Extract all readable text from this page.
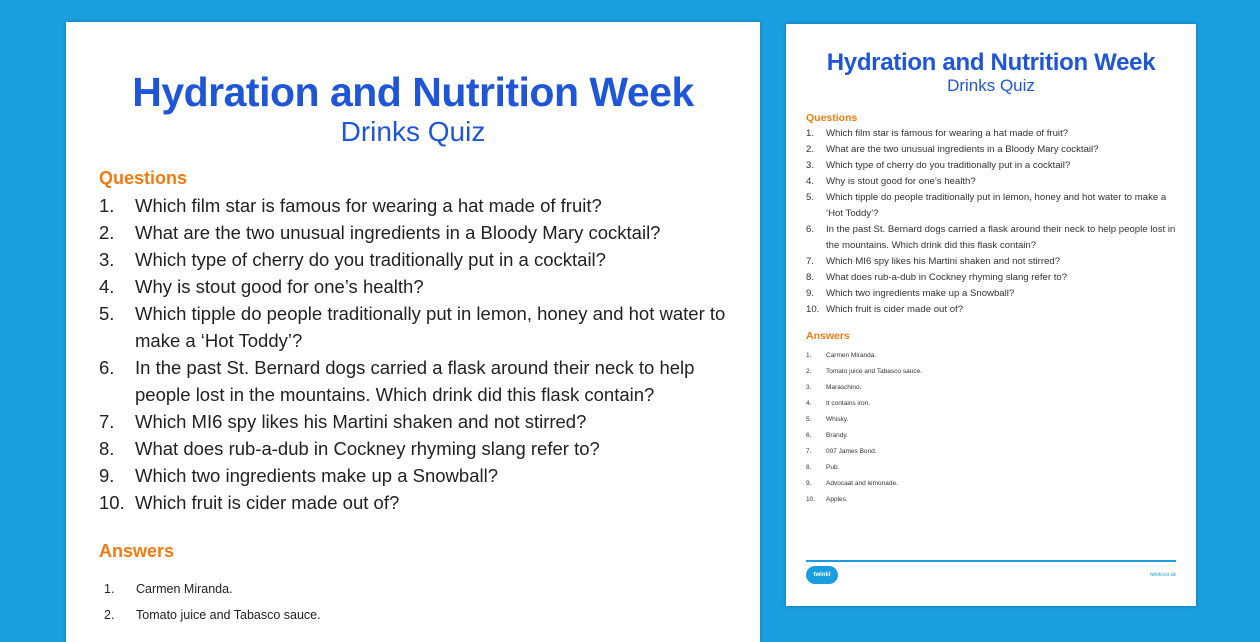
Hydration and Nutrition Week
Drinks Quiz
Questions
1.	Which film star is famous for wearing a hat made of fruit?
2.	What are the two unusual ingredients in a Bloody Mary cocktail?
3.	Which type of cherry do you traditionally put in a cocktail?
4.	Why is stout good for one’s health?
5.	Which tipple do people traditionally put in lemon, honey and hot water to make a ‘Hot Toddy’?
6.	In the past St. Bernard dogs carried a flask around their neck to help people lost in the mountains. Which drink did this flask contain?
7.	Which MI6 spy likes his Martini shaken and not stirred?
8.	What does rub-a-dub in Cockney rhyming slang refer to?
9.	Which two ingredients make up a Snowball?
10. Which fruit is cider made out of?
Answers
1.	Carmen Miranda.
2.	Tomato juice and Tabasco sauce.
Hydration and Nutrition Week
Drinks Quiz
Questions
1.	Which film star is famous for wearing a hat made of fruit?
2.	What are the two unusual ingredients in a Bloody Mary cocktail?
3.	Which type of cherry do you traditionally put in a cocktail?
4.	Why is stout good for one’s health?
5.	Which tipple do people traditionally put in lemon, honey and hot water to make a ‘Hot Toddy’?
6.	In the past St. Bernard dogs carried a flask around their neck to help people lost in the mountains. Which drink did this flask contain?
7.	Which MI6 spy likes his Martini shaken and not stirred?
8.	What does rub-a-dub in Cockney rhyming slang refer to?
9.	Which two ingredients make up a Snowball?
10. Which fruit is cider made out of?
Answers
1.	Carmen Miranda.
2.	Tomato juice and Tabasco sauce.
3.	Maraschino.
4.	It contains iron.
5.	Whisky.
6.	Brandy.
7.	007 James Bond.
8.	Pub.
9.	Advocaat and lemonade.
10.	Apples.
twinkl	twinkl.co.uk
